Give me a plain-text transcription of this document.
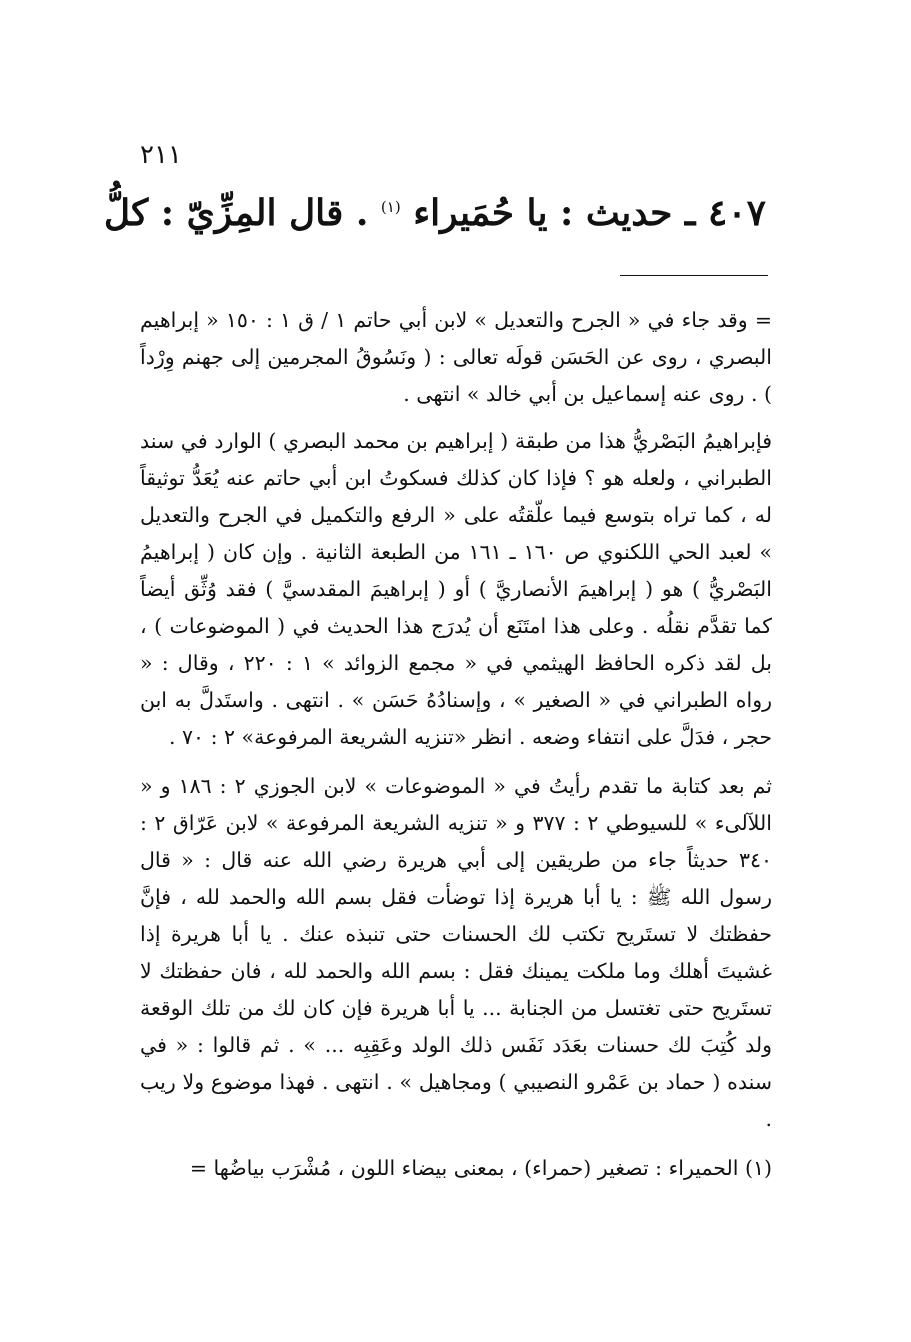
٢١١
٤٠٧ ـ حديث : يا حُمَيراء $^{(١)}$ . قال المِزِّيّ : كلُّ

= وقد جاء في « الجرح والتعديل » لابن أبي حاتم ١ / ق ١ : ١٥٠ « إبراهيم البصري ، روى عن الحَسَن قولَه تعالى : ( ونَسُوقُ المجرمين إلى جهنم وِرْداً ) . روى عنه إسماعيل بن أبي خالد » انتهى .

فإبراهيمُ البَصْريُّ هذا من طبقة ( إبراهيم بن محمد البصري ) الوارد في سند الطبراني ، ولعله هو ؟ فإذا كان كذلك فسكوتُ ابن أبي حاتم عنه يُعَدُّ توثيقاً له ، كما تراه بتوسع فيما علّقتُه على « الرفع والتكميل في الجرح والتعديل » لعبد الحي اللكنوي ص ١٦٠ ـ ١٦١ من الطبعة الثانية . وإن كان ( إبراهيمُ البَصْريُّ ) هو ( إبراهيمَ الأنصاريَّ ) أو ( إبراهيمَ المقدسيَّ ) فقد وُثِّق أيضاً كما تقدَّم نقلُه . وعلى هذا امتَنَع أن يُدرَج هذا الحديث في ( الموضوعات ) ، بل لقد ذكره الحافظ الهيثمي في « مجمع الزوائد » ١ : ٢٢٠ ، وقال : « رواه الطبراني في « الصغير » ، وإسنادُهُ حَسَن » . انتهى . واستَدلَّ به ابن حجر ، فدَلَّ على انتفاء وضعه . انظر «تنزيه الشريعة المرفوعة» ٢ : ٧٠ .

ثم بعد كتابة ما تقدم رأيتُ في « الموضوعات » لابن الجوزي ٢ : ١٨٦ و « اللآلىء » للسيوطي ٢ : ٣٧٧ و « تنزيه الشريعة المرفوعة » لابن عَرّاق ٢ : ٣٤٠ حديثاً جاء من طريقين إلى أبي هريرة رضي الله عنه قال : « قال رسول الله ﷺ : يا أبا هريرة إذا توضأت فقل بسم الله والحمد لله ، فإنَّ حفظتك لا تستَريح تكتب لك الحسنات حتى تنبذه عنك . يا أبا هريرة إذا غشيتَ أهلك وما ملكت يمينك فقل : بسم الله والحمد لله ، فان حفظتك لا تستَريح حتى تغتسل من الجنابة ... يا أبا هريرة فإن كان لك من تلك الوقعة ولد كُتِبَ لك حسنات بعَدَد نَفَس ذلك الولد وعَقِبِه ... » . ثم قالوا : « في سنده ( حماد بن عَمْرو النصيبي ) ومجاهيل » . انتهى . فهذا موضوع ولا ريب .

(١) الحميراء : تصغير (حمراء) ، بمعنى بيضاء اللون ، مُشْرَب بياضُها =
